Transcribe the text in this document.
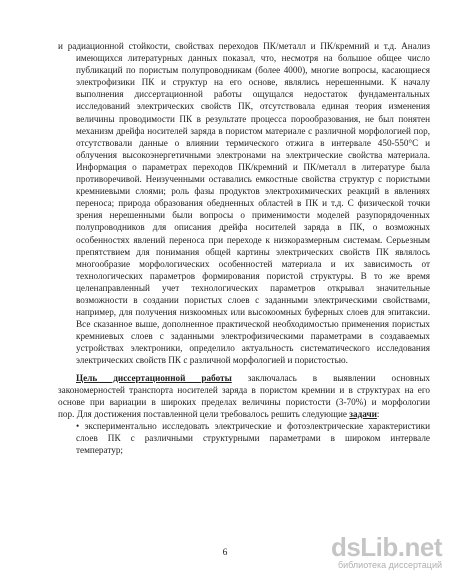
и радиационной стойкости, свойствах переходов ПК/металл и ПК/кремний и т.д. Анализ
имеющихся литературных данных показал, что, несмотря на большое общее число
публикаций по пористым полупроводникам (более 4000), многие вопросы, касающиеся
электрофизики ПК и структур на его основе, являлись нерешенными. К началу
выполнения диссертационной работы ощущался недостаток фундаментальных
исследований электрических свойств ПК, отсутствовала единая теория изменения
величины проводимости ПК в результате процесса порообразования, не был понятен
механизм дрейфа носителей заряда в пористом материале с различной морфологией пор,
отсутствовали данные о влиянии термического отжига в интервале 450-550°С и
облучения высокоэнергетичными электронами на электрические свойства материала.
Информация о параметрах переходов ПК/кремний и ПК/металл в литературе была
противоречивой. Неизученными оставались емкостные свойства структур с пористыми
кремниевыми слоями; роль фазы продуктов электрохимических реакций в явлениях
переноса; природа образования обедненных областей в ПК и т.д. С физической точки
зрения нерешенными были вопросы о применимости моделей разупорядоченных
полупроводников для описания дрейфа носителей заряда в ПК, о возможных
особенностях явлений переноса при переходе к низкоразмерным системам. Серьезным
препятствием для понимания общей картины электрических свойств ПК являлось
многообразие морфологических особенностей материала и их зависимость от
технологических параметров формирования пористой структуры. В то же время
целенаправленный учет технологических параметров открывал значительные
возможности в создании пористых слоев с заданными электрическими свойствами,
например, для получения низкоомных или высокоомных буферных слоев для эпитаксии.
Все сказанное выше, дополненное практической необходимостью применения пористых
кремниевых слоев с заданными электрофизическими параметрами в создаваемых
устройствах электроники, определило актуальность систематического исследования
электрических свойств ПК с различной морфологией и пористостью.
Цель диссертационной работы заключалась в выявлении основных
закономерностей транспорта носителей заряда в пористом кремнии и в структурах на его
основе при вариации в широких пределах величины пористости (3-70%) и морфологии
пор. Для достижения поставленной цели требовалось решить следующие задачи:
• экспериментально исследовать электрические и фотоэлектрические характеристики
слоев ПК с различными структурными параметрами в широком интервале
температур;
6	dsLib.net
библиотека диссертаций
